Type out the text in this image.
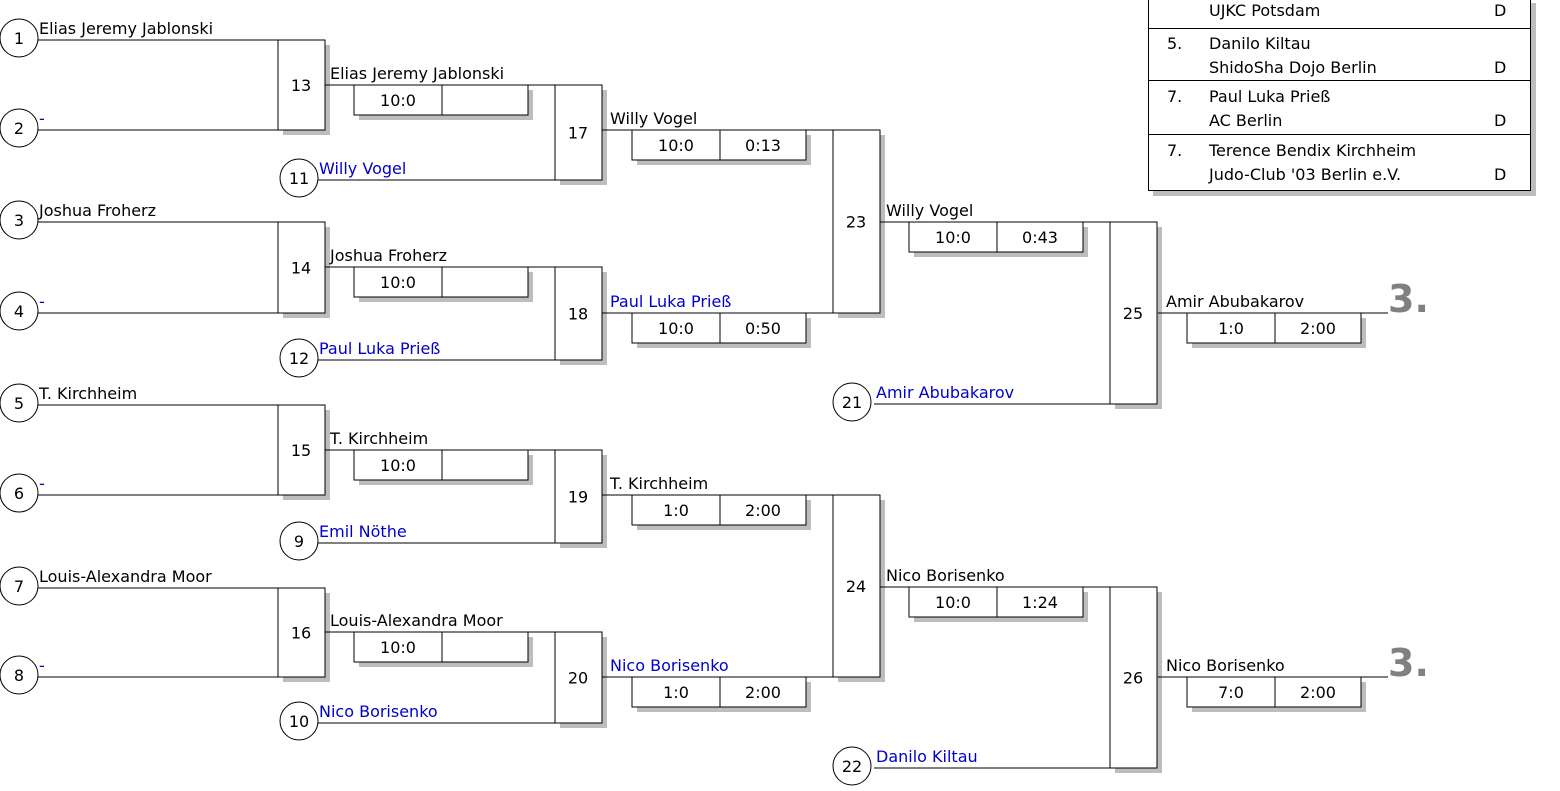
1
Elias Jeremy Jablonski
2
-
13
3
Joshua Froherz
4
-
14
5
T. Kirchheim
6
-
15
7
Louis-Alexandra Moor
8
-
16
Elias Jeremy Jablonski
10:0
11
Willy Vogel
17
Joshua Froherz
10:0
12
Paul Luka Prieß
18
T. Kirchheim
10:0
9
Emil Nöthe
19
Louis-Alexandra Moor
10:0
10
Nico Borisenko
20
Willy Vogel
10:0	0:13
Paul Luka Prieß
10:0	0:50
T. Kirchheim
1:0	2:00
Nico Borisenko
1:0	2:00
23
24
Willy Vogel
10:0	0:43
21
Amir Abubakarov
25
Nico Borisenko
10:0	1:24
22
Danilo Kiltau
26
Amir Abubakarov
1:0	2:00
3.
Nico Borisenko
7:0	2:00
3.
UJKC Potsdam	D
5. Danilo Kiltau
ShidoSha Dojo Berlin	D
7. Paul Luka Prieß
AC Berlin	D
7. Terence Bendix Kirchheim
Judo-Club '03 Berlin e.V.	D
